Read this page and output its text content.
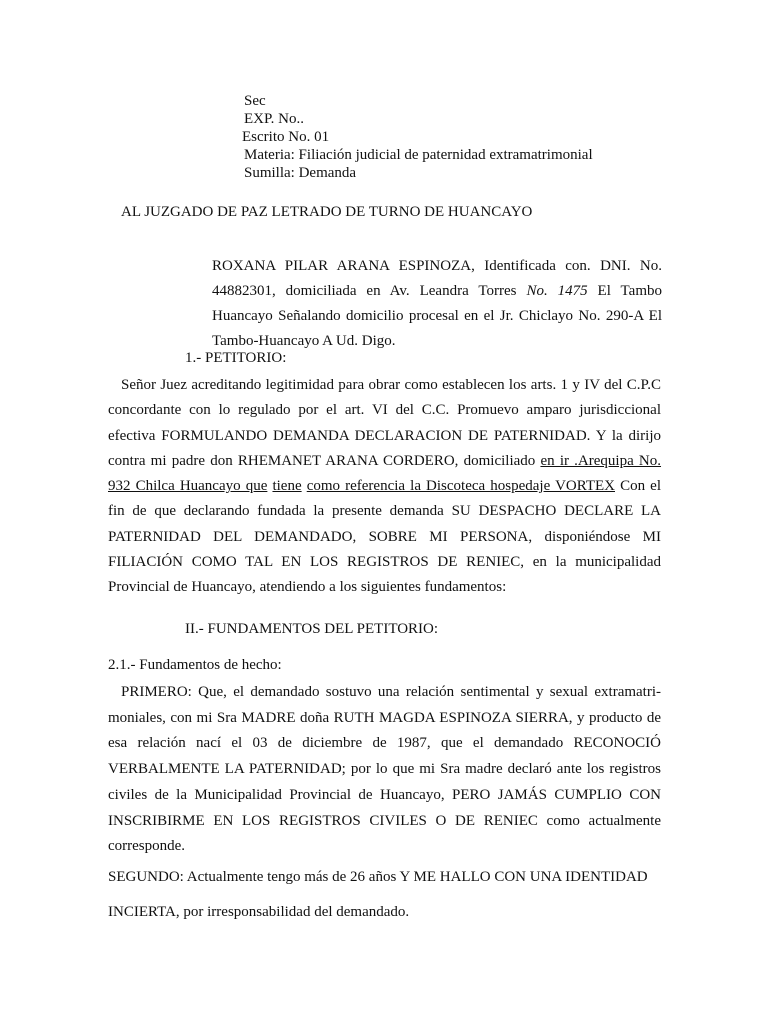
Sec
EXP. No..
Escrito No. 01
Materia: Filiación judicial de paternidad extramatrimonial
Sumilla: Demanda
AL JUZGADO DE PAZ LETRADO DE TURNO DE HUANCAYO
ROXANA PILAR ARANA ESPINOZA, Identificada con. DNI. No. 44882301, domiciliada en Av. Leandra Torres No. 1475 El Tambo Huancayo Señalando domicilio procesal en el Jr. Chiclayo No. 290-A El Tambo-Huancayo A Ud. Digo.
1.- PETITORIO:
Señor Juez acreditando legitimidad para obrar como establecen los arts. 1 y IV del C.P.C
concordante con lo regulado por el art. VI del C.C. Promuevo amparo jurisdiccional
efectiva FORMULANDO DEMANDA DECLARACION DE PATERNIDAD. Y la dirijo
contra mi padre don RHEMANET ARANA CORDERO, domiciliado en ir .Arequipa No.
932 Chilca Huancayo que tiene como referencia la Discoteca hospedaje VORTEX Con el
fin de que declarando fundada la presente demanda SU DESPACHO DECLARE LA
PATERNIDAD DEL DEMANDADO, SOBRE MI PERSONA, disponiéndose MI
FILIACIÓN COMO TAL EN LOS REGISTROS DE RENIEC, en la municipalidad
Provincial de Huancayo, atendiendo a los siguientes fundamentos:
II.- FUNDAMENTOS DEL PETITORIO:
2.1.- Fundamentos de hecho:
PRIMERO: Que, el demandado sostuvo una relación sentimental y sexual extramatri-
moniales, con mi Sra MADRE doña RUTH MAGDA ESPINOZA SIERRA, y producto de
esa relación nací el 03 de diciembre de 1987, que el demandado RECONOCIÓ
VERBALMENTE LA PATERNIDAD; por lo que mi Sra madre declaró ante los registros
civiles de la Municipalidad Provincial de Huancayo, PERO JAMÁS CUMPLIO CON
INSCRIBIRME EN LOS REGISTROS CIVILES O DE RENIEC como actualmente
corresponde.
SEGUNDO: Actualmente tengo más de 26 años Y ME HALLO CON UNA IDENTIDAD
INCIERTA, por irresponsabilidad del demandado.
